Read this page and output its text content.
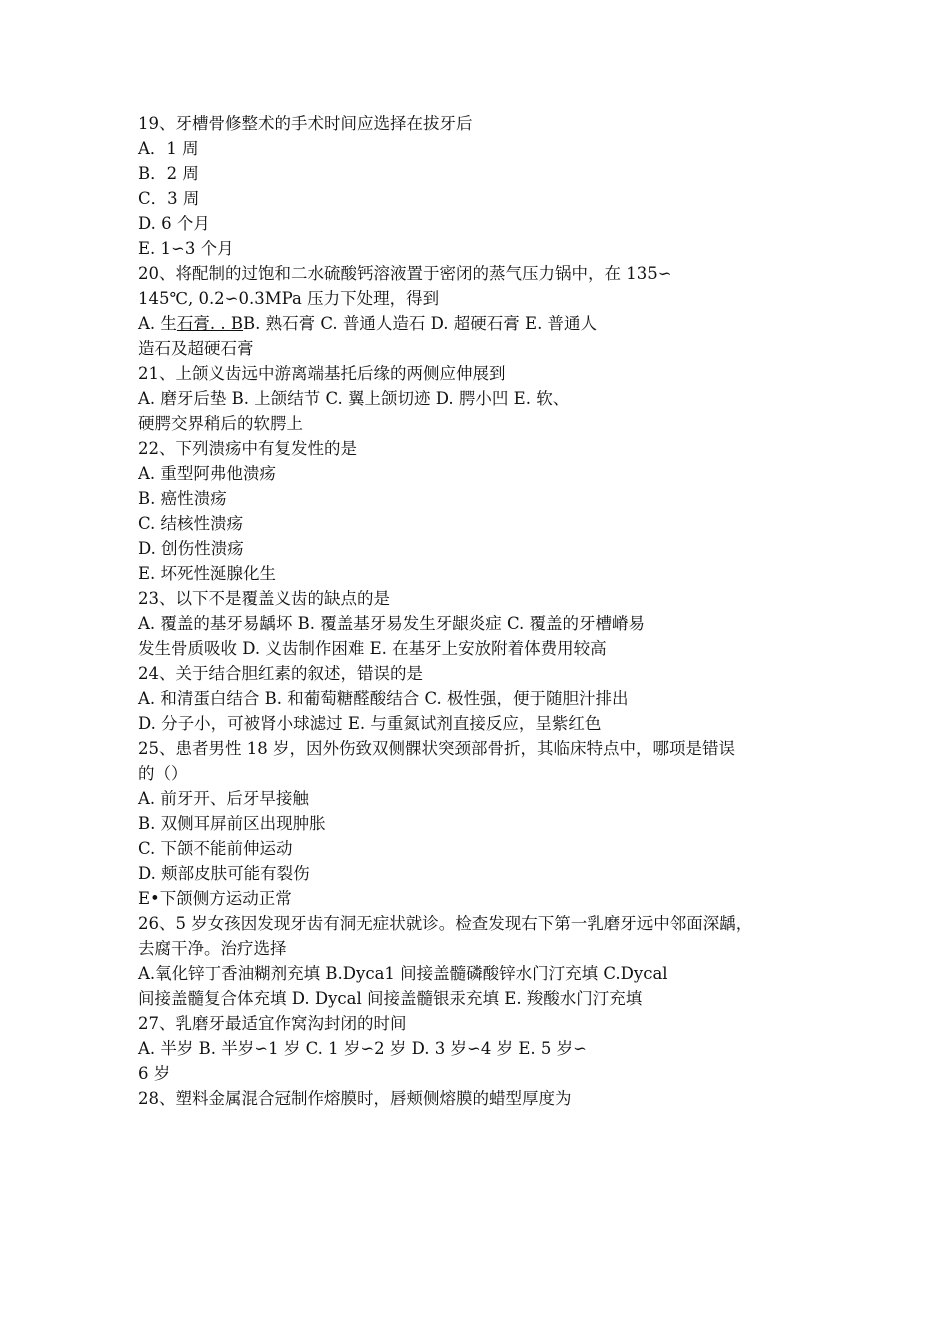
19、牙槽骨修整术的手术时间应选择在拔牙后
A．1 周
B．2 周
C．3 周
D. 6 个月
E. 1∽3 个月
20、将配制的过饱和二水硫酸钙溶液置于密闭的蒸气压力锅中，在 135∽
145℃, 0.2∽0.3MPa 压力下处理，得到
A. 生石膏. . BB. 熟石膏 C. 普通人造石 D. 超硬石膏 E. 普通人
造石及超硬石膏
21、上颌义齿远中游离端基托后缘的两侧应伸展到
A. 磨牙后垫 B. 上颌结节 C. 翼上颌切迹 D. 腭小凹 E. 软、
硬腭交界稍后的软腭上
22、下列溃疡中有复发性的是
A. 重型阿弗他溃疡
B. 癌性溃疡
C. 结核性溃疡
D. 创伤性溃疡
E. 坏死性涎腺化生
23、以下不是覆盖义齿的缺点的是
A. 覆盖的基牙易龋坏 B. 覆盖基牙易发生牙龈炎症 C. 覆盖的牙槽嵴易
发生骨质吸收 D. 义齿制作困难 E. 在基牙上安放附着体费用较高
24、关于结合胆红素的叙述，错误的是
A. 和清蛋白结合 B. 和葡萄糖醛酸结合 C. 极性强，便于随胆汁排出
D. 分子小，可被肾小球滤过 E. 与重氮试剂直接反应，呈紫红色
25、患者男性 18 岁，因外伤致双侧髁状突颈部骨折，其临床特点中，哪项是错误
的（）
A. 前牙开、后牙早接触
B. 双侧耳屏前区出现肿胀
C. 下颌不能前伸运动
D. 颊部皮肤可能有裂伤
E•下颌侧方运动正常
26、5 岁女孩因发现牙齿有洞无症状就诊。检查发现右下第一乳磨牙远中邻面深龋，
去腐干净。治疗选择
A.氧化锌丁香油糊剂充填 B.Dyca1 间接盖髓磷酸锌水门汀充填 C.Dycal
间接盖髓复合体充填 D. Dycal 间接盖髓银汞充填 E. 羧酸水门汀充填
27、乳磨牙最适宜作窝沟封闭的时间
A. 半岁 B. 半岁∽1 岁 C. 1 岁∽2 岁 D. 3 岁∽4 岁 E. 5 岁∽
6 岁
28、塑料金属混合冠制作熔膜时，唇颊侧熔膜的蜡型厚度为
